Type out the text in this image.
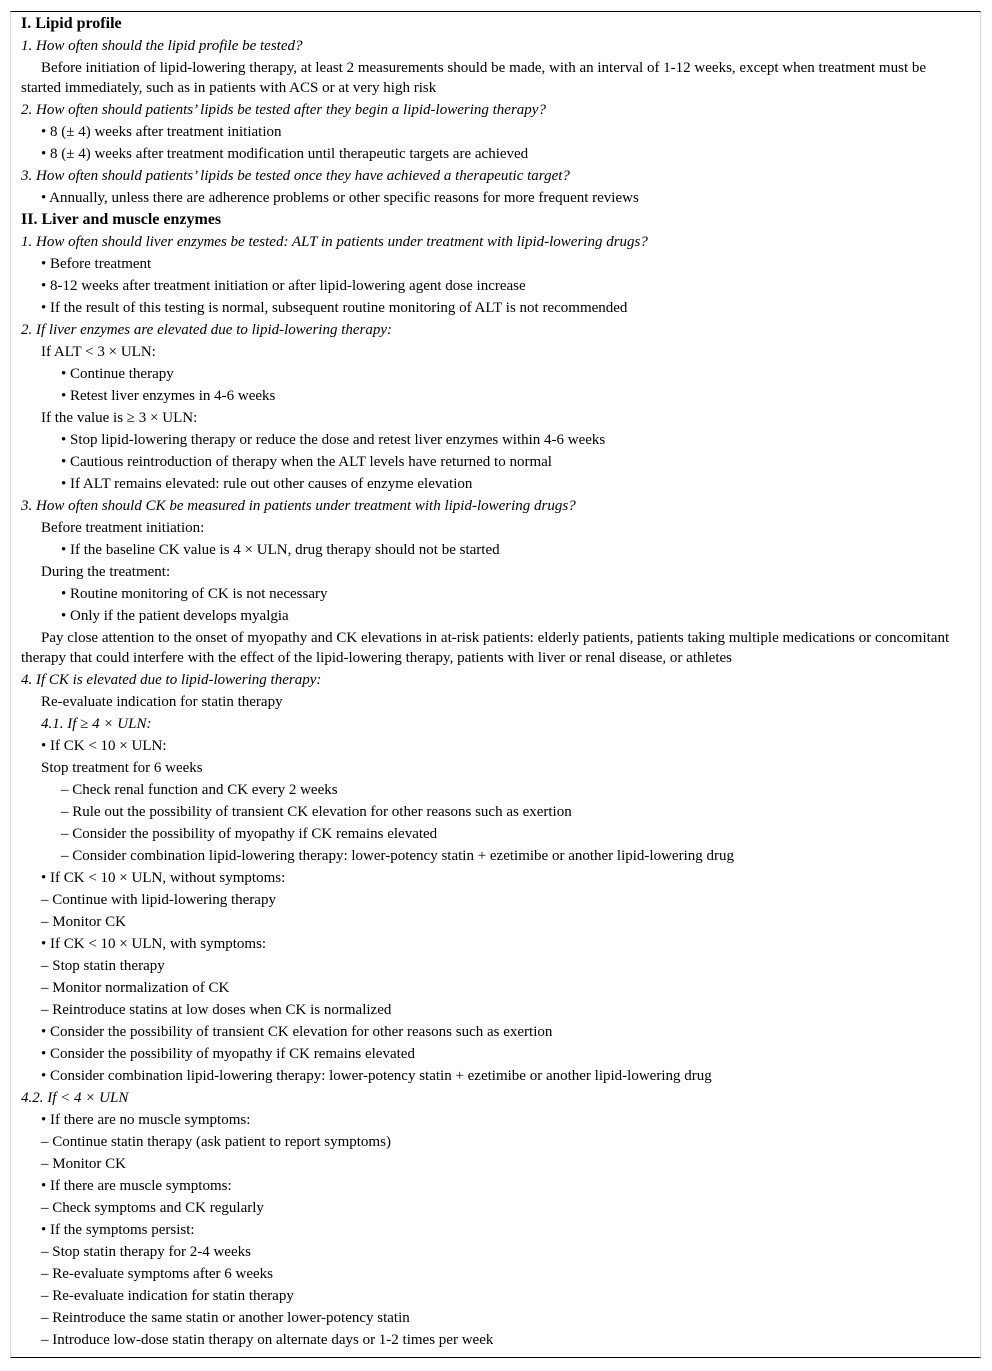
I. Lipid profile
1. How often should the lipid profile be tested?
Before initiation of lipid-lowering therapy, at least 2 measurements should be made, with an interval of 1-12 weeks, except when treatment must be started immediately, such as in patients with ACS or at very high risk
2. How often should patients’ lipids be tested after they begin a lipid-lowering therapy?
• 8 (± 4) weeks after treatment initiation
• 8 (± 4) weeks after treatment modification until therapeutic targets are achieved
3. How often should patients’ lipids be tested once they have achieved a therapeutic target?
• Annually, unless there are adherence problems or other specific reasons for more frequent reviews
II. Liver and muscle enzymes
1. How often should liver enzymes be tested: ALT in patients under treatment with lipid-lowering drugs?
• Before treatment
• 8-12 weeks after treatment initiation or after lipid-lowering agent dose increase
• If the result of this testing is normal, subsequent routine monitoring of ALT is not recommended
2. If liver enzymes are elevated due to lipid-lowering therapy:
If ALT < 3 × ULN:
• Continue therapy
• Retest liver enzymes in 4-6 weeks
If the value is ≥ 3 × ULN:
• Stop lipid-lowering therapy or reduce the dose and retest liver enzymes within 4-6 weeks
• Cautious reintroduction of therapy when the ALT levels have returned to normal
• If ALT remains elevated: rule out other causes of enzyme elevation
3. How often should CK be measured in patients under treatment with lipid-lowering drugs?
Before treatment initiation:
• If the baseline CK value is 4 × ULN, drug therapy should not be started
During the treatment:
• Routine monitoring of CK is not necessary
• Only if the patient develops myalgia
Pay close attention to the onset of myopathy and CK elevations in at-risk patients: elderly patients, patients taking multiple medications or concomitant therapy that could interfere with the effect of the lipid-lowering therapy, patients with liver or renal disease, or athletes
4. If CK is elevated due to lipid-lowering therapy:
Re-evaluate indication for statin therapy
4.1. If ≥ 4 × ULN:
• If CK < 10 × ULN:
Stop treatment for 6 weeks
– Check renal function and CK every 2 weeks
– Rule out the possibility of transient CK elevation for other reasons such as exertion
– Consider the possibility of myopathy if CK remains elevated
– Consider combination lipid-lowering therapy: lower-potency statin + ezetimibe or another lipid-lowering drug
• If CK < 10 × ULN, without symptoms:
– Continue with lipid-lowering therapy
– Monitor CK
• If CK < 10 × ULN, with symptoms:
– Stop statin therapy
– Monitor normalization of CK
– Reintroduce statins at low doses when CK is normalized
• Consider the possibility of transient CK elevation for other reasons such as exertion
• Consider the possibility of myopathy if CK remains elevated
• Consider combination lipid-lowering therapy: lower-potency statin + ezetimibe or another lipid-lowering drug
4.2. If < 4 × ULN
• If there are no muscle symptoms:
– Continue statin therapy (ask patient to report symptoms)
– Monitor CK
• If there are muscle symptoms:
– Check symptoms and CK regularly
• If the symptoms persist:
– Stop statin therapy for 2-4 weeks
– Re-evaluate symptoms after 6 weeks
– Re-evaluate indication for statin therapy
– Reintroduce the same statin or another lower-potency statin
– Introduce low-dose statin therapy on alternate days or 1-2 times per week
